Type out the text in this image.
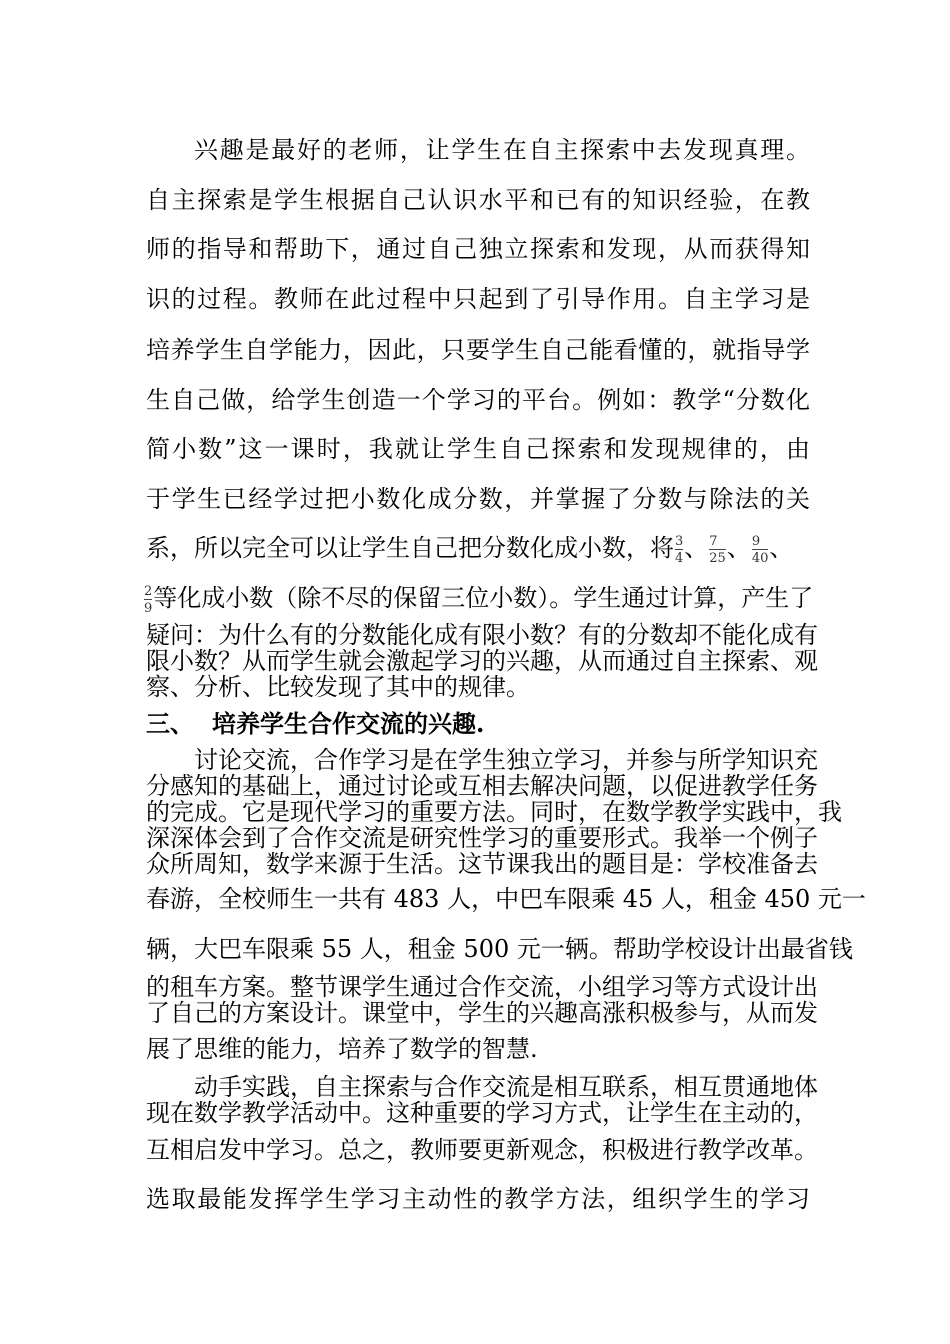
兴趣是最好的老师，让学生在自主探索中去发现真理。
自主探索是学生根据自己认识水平和已有的知识经验，在教
师的指导和帮助下，通过自己独立探索和发现，从而获得知
识的过程。教师在此过程中只起到了引导作用。自主学习是
培养学生自学能力，因此，只要学生自己能看懂的，就指导学
生自己做，给学生创造一个学习的平台。例如：教学“分数化
简小数”这一课时，我就让学生自己探索和发现规律的，由
于学生已经学过把小数化成分数，并掌握了分数与除法的关
系，所以完全可以让学生自己把分数化成小数，将 $\frac{3}{4}$ 、 $\frac{7}{25}$ 、 $\frac{9}{40}$ 、
$\frac{2}{9}$ 等化成小数（除不尽的保留三位小数）。学生通过计算，产生了
疑问：为什么有的分数能化成有限小数？有的分数却不能化成有
限小数？从而学生就会激起学习的兴趣，从而通过自主探索、观
察、分析、比较发现了其中的规律。
三、 培养学生合作交流的兴趣.
讨论交流，合作学习是在学生独立学习，并参与所学知识充
分感知的基础上，通过讨论或互相去解决问题，以促进教学任务
的完成。它是现代学习的重要方法。同时，在数学教学实践中，我
深深体会到了合作交流是研究性学习的重要形式。我举一个例子
众所周知，数学来源于生活。这节课我出的题目是：学校准备去
春游，全校师生一共有 483 人，中巴车限乘 45 人，租金 450 元一
辆，大巴车限乘 55 人，租金 500 元一辆。帮助学校设计出最省钱
的租车方案。整节课学生通过合作交流，小组学习等方式设计出
了自己的方案设计。课堂中，学生的兴趣高涨积极参与，从而发
展了思维的能力，培养了数学的智慧.
动手实践，自主探索与合作交流是相互联系，相互贯通地体
现在数学教学活动中。这种重要的学习方式，让学生在主动的，
互相启发中学习。总之，教师要更新观念，积极进行教学改革。
选取最能发挥学生学习主动性的教学方法，组织学生的学习
